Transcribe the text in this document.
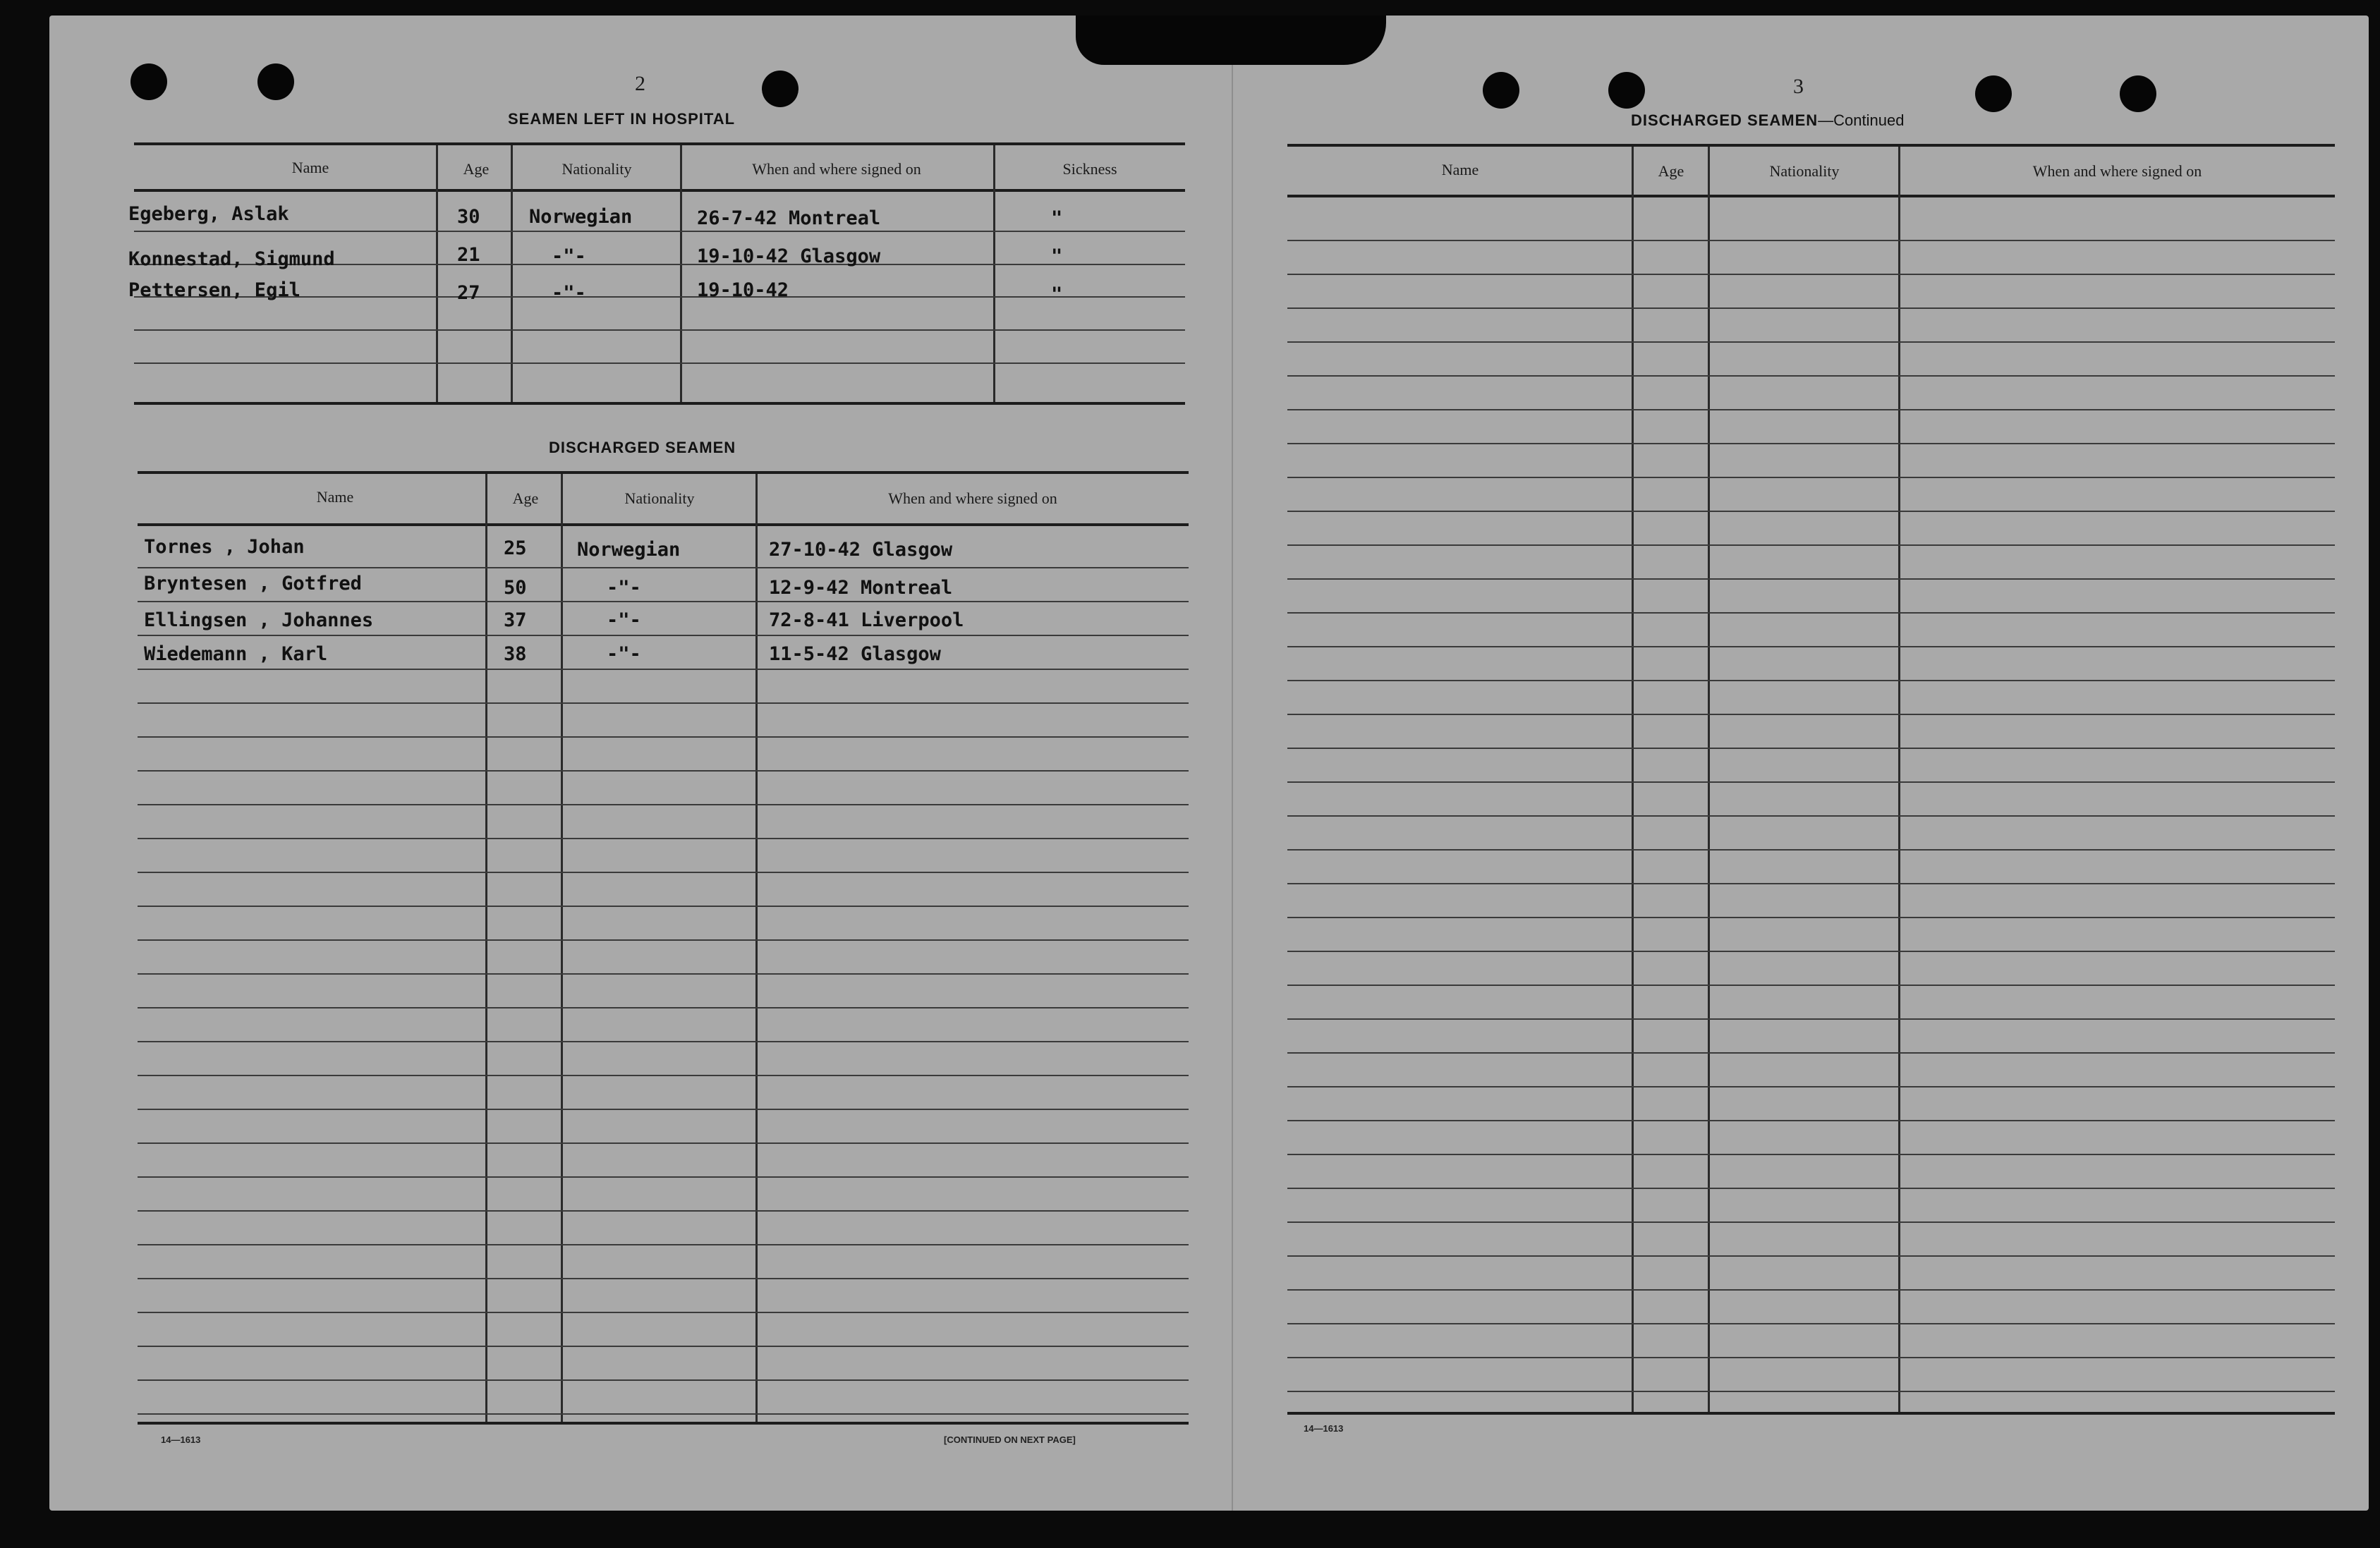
2
SEAMEN LEFT IN HOSPITAL
Name	Age	Nationality	When and where signed on	Sickness
Egeberg, Aslak	30	Norwegian	26-7-42 Montreal	"
Konnestad, Sigmund	21	-"-	19-10-42 Glasgow	"
Pettersen, Egil	27	-"-	19-10-42	"
DISCHARGED SEAMEN
Name	Age	Nationality	When and where signed on
Tornes , Johan	25	Norwegian	27-10-42 Glasgow
Bryntesen , Gotfred	50	-"-	12-9-42 Montreal
Ellingsen , Johannes	37	-"-	72-8-41 Liverpool
Wiedemann , Karl	38	-"-	11-5-42 Glasgow
14—1613	[CONTINUED ON NEXT PAGE]
3
DISCHARGED SEAMEN—Continued
Name	Age	Nationality	When and where signed on
14—1613
